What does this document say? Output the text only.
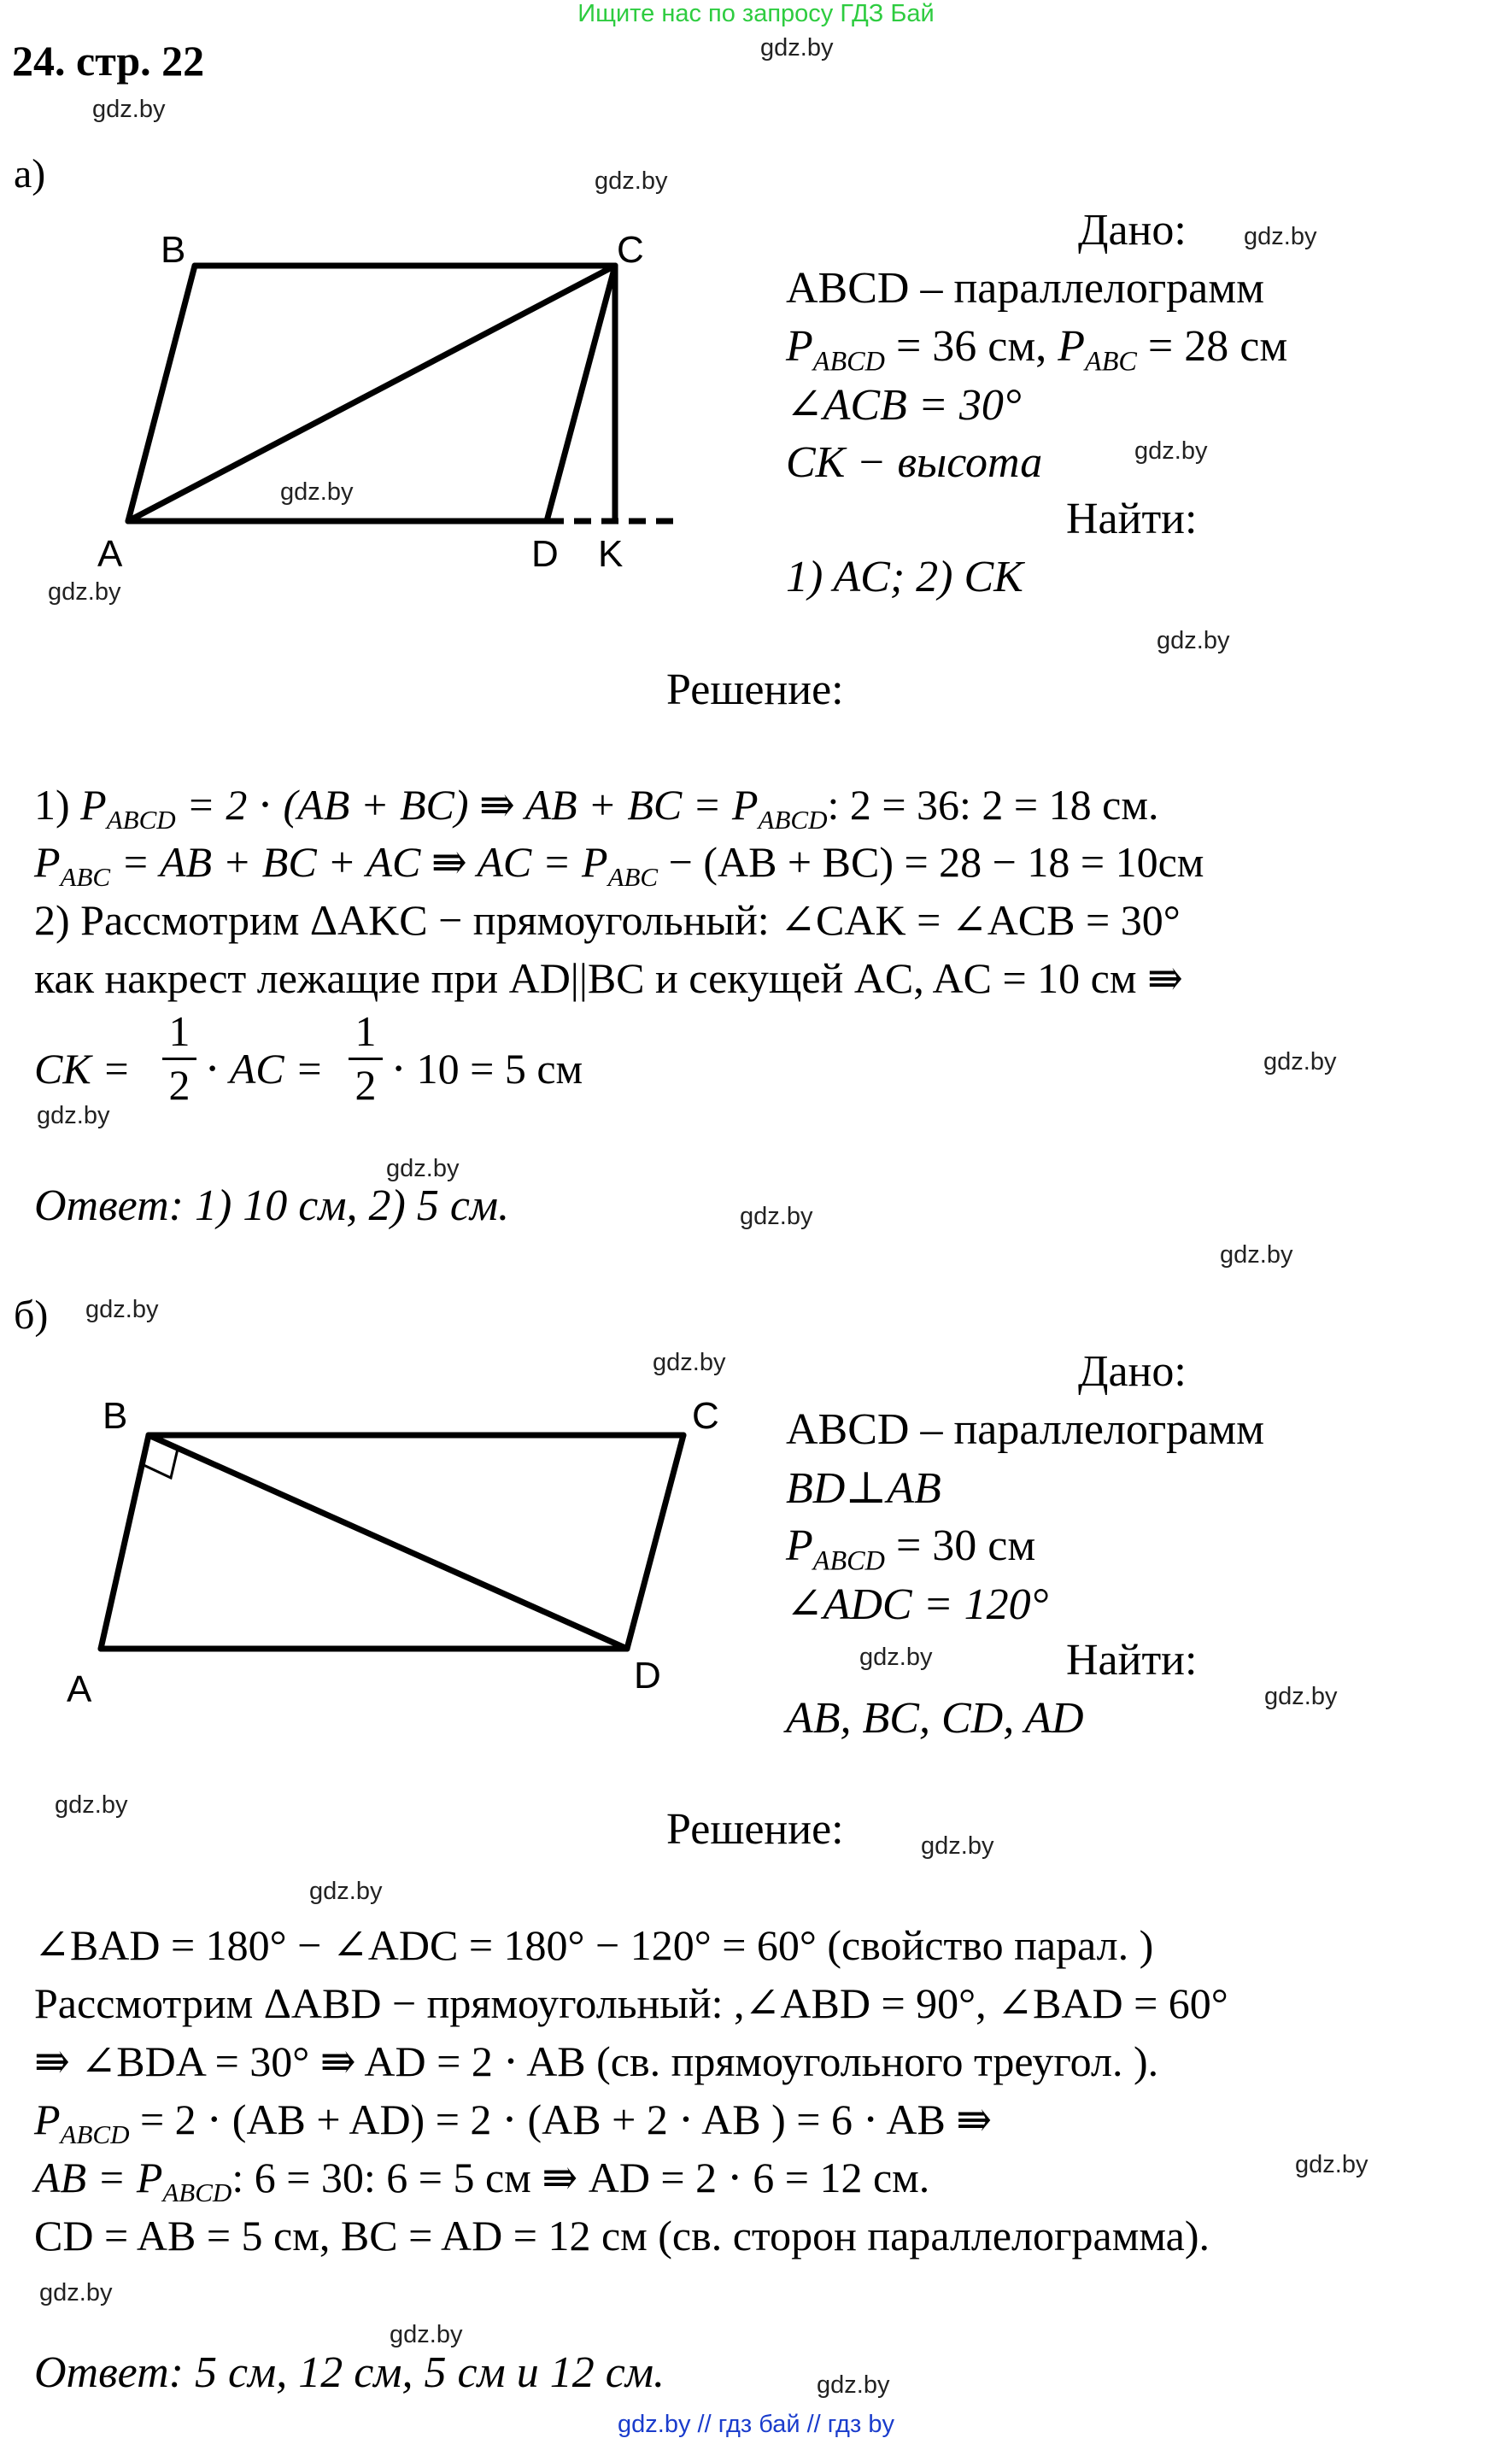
Ищите нас по запросу ГДЗ Бай
24. стр. 22	gdz.by
gdz.by
gdz.by
gdz.by
gdz.by
gdz.by
gdz.by
gdz.by
gdz.by
gdz.by
gdz.by
gdz.by
gdz.by
gdz.by
gdz.by
gdz.by
gdz.by
gdz.by
gdz.by
gdz.by
gdz.by
gdz.by
gdz.by
gdz.by
а)
B	C
A	D K
Дано:
ABCD – параллелограмм
$P_{ABCD} = 36$ см, $P_{ABC} = 28$ см
∠ACB = 30°
CK − высота
Найти:
1) AC; 2) CK
Решение:
1) $P_{ABCD} = 2 \cdot (AB + BC)$ ⇛ AB + BC = $P_{ABCD}$: 2 = 36: 2 = 18 см.
$P_{ABC}$ = AB + BC + AC ⇛ AC = $P_{ABC} - (AB + BC) = 28 - 18 = 10см$
2) Рассмотрим ΔAKC − прямоугольный: ∠CAK = ∠ACB = 30°
как накрест лежащие при AD||BC и секущей AC, AC = 10 см ⇛
CK = $\frac{1}{2}$ ⋅ AC = $\frac{1}{2} \cdot 10 = 5$ см
Ответ: 1) 10 см, 2) 5 см.
б)
B	C
A	D
Дано:
ABCD – параллелограмм
BD⊥AB
$P_{ABCD} = 30$ см
∠ADC = 120°
Найти:
AB, BC, CD, AD
Решение:
∠BAD = 180° − ∠ADC = 180° − 120° = 60° (свойство парал. )
Рассмотрим ΔABD − прямоугольный: ,∠ABD = 90°, ∠BAD = 60°
⇛ ∠BDA = 30° ⇛ AD = 2 ⋅ AB (св. прямоугольного треугол. ).
$P_{ABCD} = 2 \cdot (AB + AD) = 2 \cdot (AB + 2$ ⋅ AB ) = 6 ⋅ AB ⇛
AB = $P_{ABCD}$: 6 = 30: 6 = 5 см ⇛ AD = 2 ⋅ 6 = 12 см.
CD = AB = 5 см, BC = AD = 12 см (св. сторон параллелограмма).
Ответ: 5 см, 12 см, 5 см и 12 см.
gdz.by // гдз бай // гдз by
